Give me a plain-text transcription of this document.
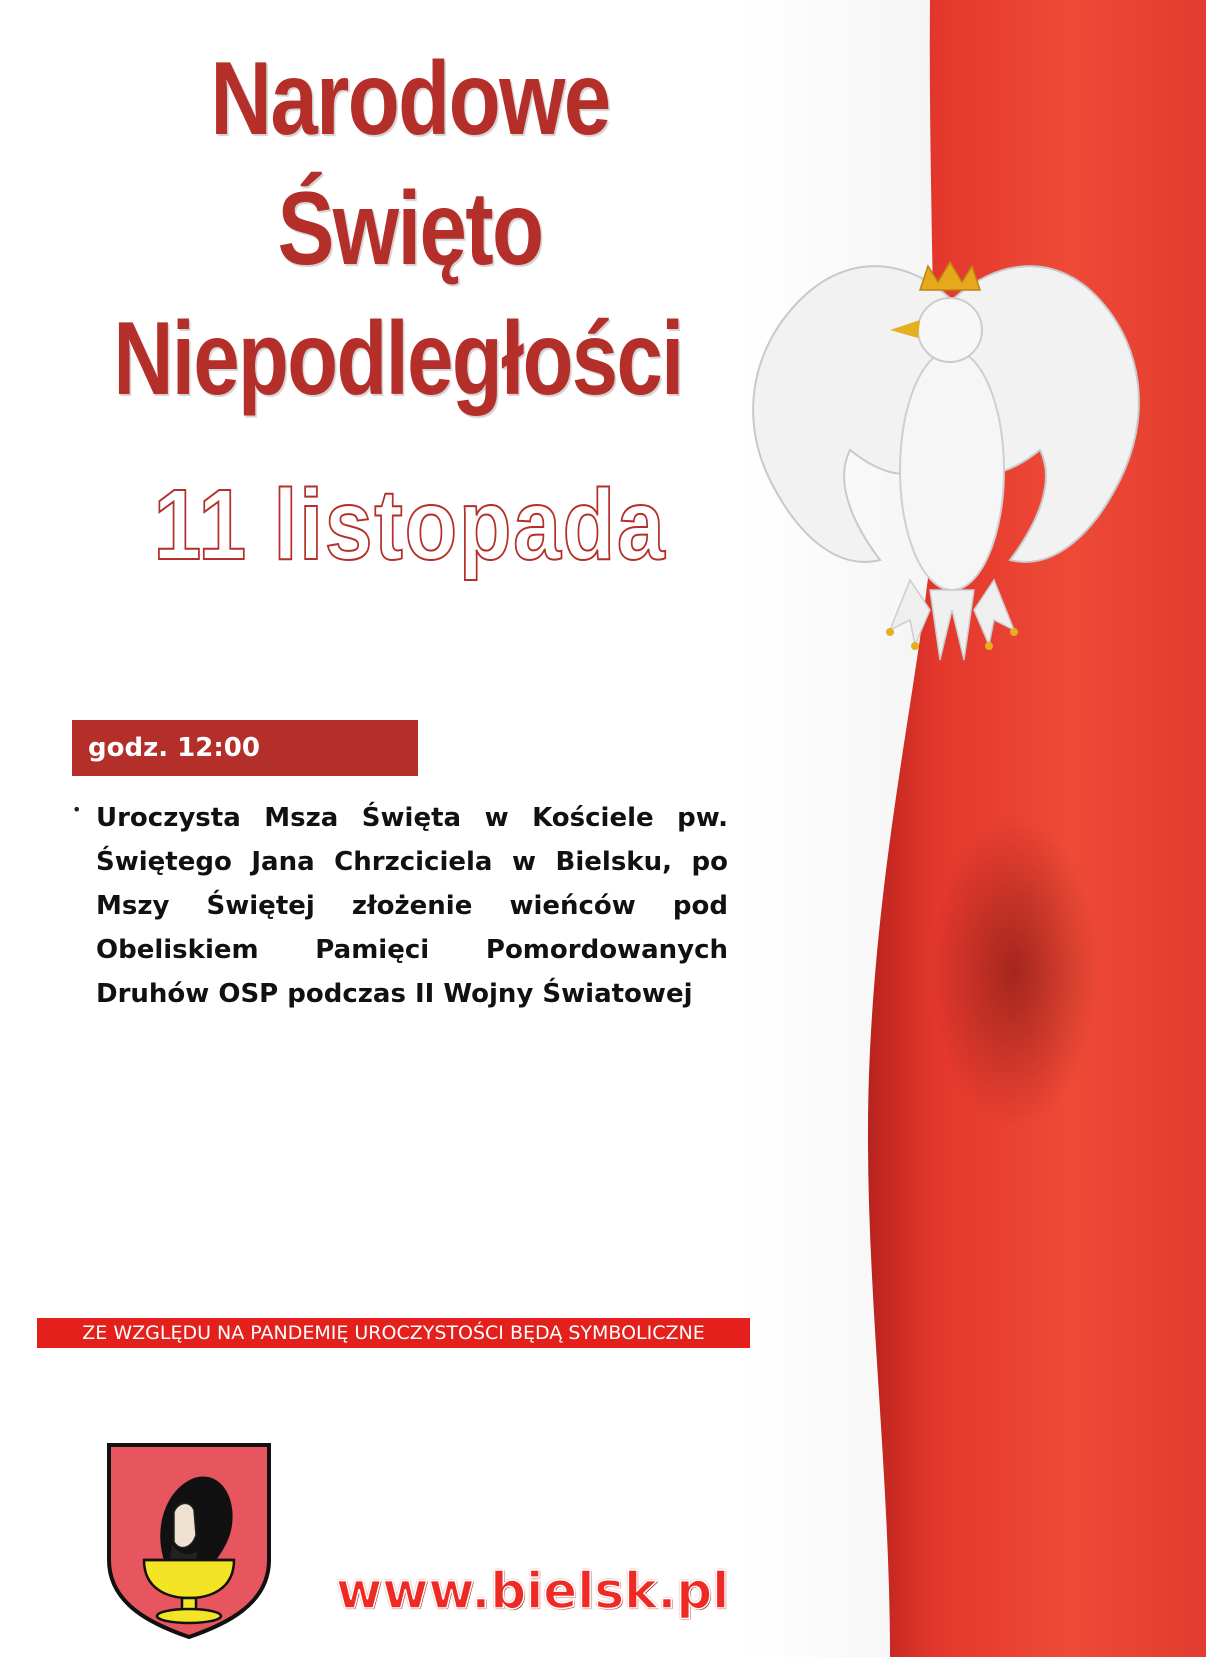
Narodowe
Święto
Niepodległości
11 listopada
godz. 12:00
• Uroczysta Msza Święta w Kościele pw. Świętego Jana Chrzciciela w Bielsku, po Mszy Świętej złożenie wieńców pod Obeliskiem Pamięci Pomordowanych Druhów OSP podczas II Wojny Światowej
ZE WZGLĘDU NA PANDEMIĘ UROCZYSTOŚCI BĘDĄ SYMBOLICZNE
www.bielsk.pl
